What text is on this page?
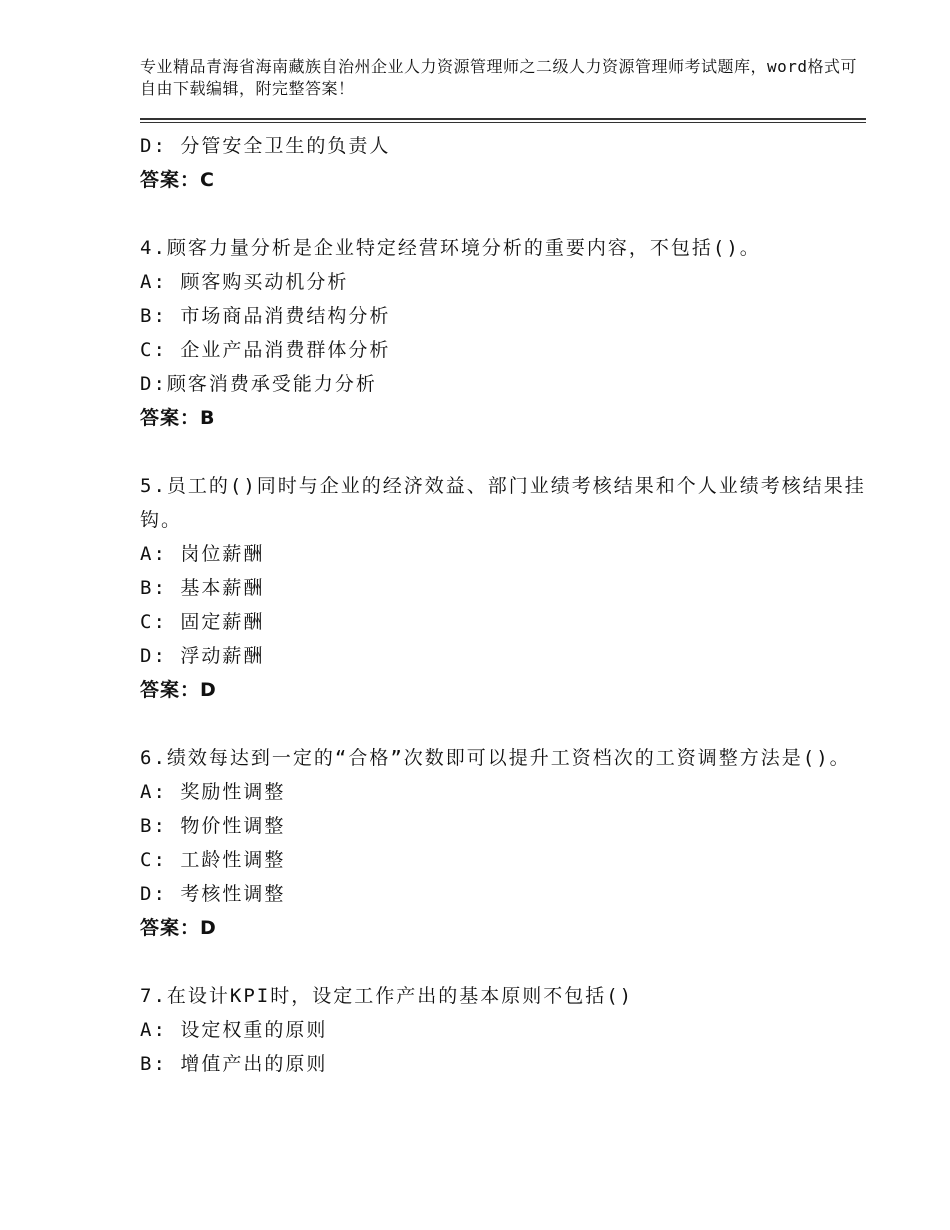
专业精品青海省海南藏族自治州企业人力资源管理师之二级人力资源管理师考试题库，word格式可自由下载编辑，附完整答案！
D: 分管安全卫生的负责人
答案：C
4.顾客力量分析是企业特定经营环境分析的重要内容，不包括()。
A: 顾客购买动机分析
B: 市场商品消费结构分析
C: 企业产品消费群体分析
D:顾客消费承受能力分析
答案：B
5.员工的()同时与企业的经济效益、部门业绩考核结果和个人业绩考核结果挂钩。
A: 岗位薪酬
B: 基本薪酬
C: 固定薪酬
D: 浮动薪酬
答案：D
6.绩效每达到一定的“合格”次数即可以提升工资档次的工资调整方法是()。
A: 奖励性调整
B: 物价性调整
C: 工龄性调整
D: 考核性调整
答案：D
7.在设计KPI时，设定工作产出的基本原则不包括()
A: 设定权重的原则
B: 增值产出的原则
